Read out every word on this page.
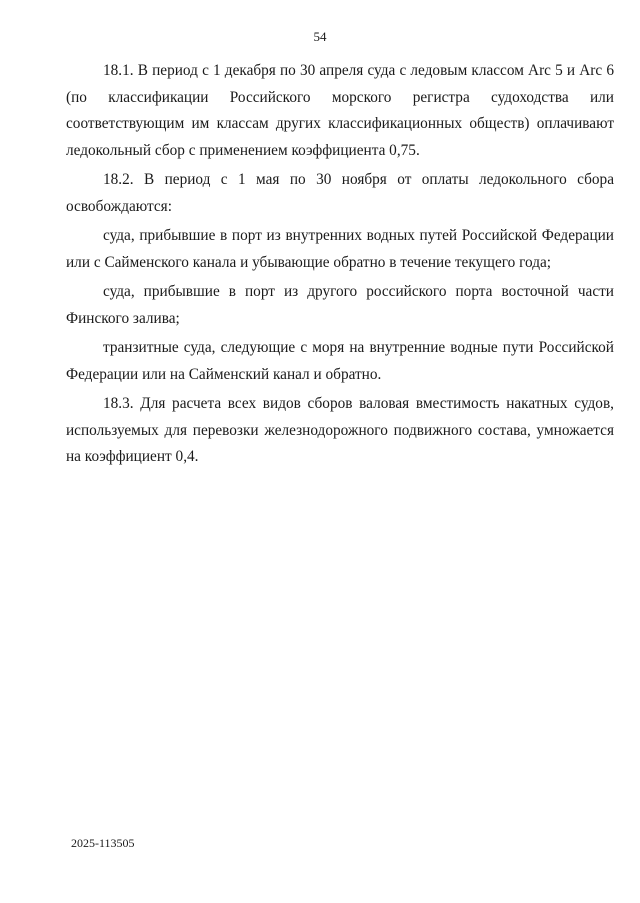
54

18.1. В период с 1 декабря по 30 апреля суда с ледовым классом Arc 5 и Arc 6 (по классификации Российского морского регистра судоходства или соответствующим им классам других классификационных обществ) оплачивают ледокольный сбор с применением коэффициента 0,75.

18.2. В период с 1 мая по 30 ноября от оплаты ледокольного сбора освобождаются:

суда, прибывшие в порт из внутренних водных путей Российской Федерации или с Сайменского канала и убывающие обратно в течение текущего года;

суда, прибывшие в порт из другого российского порта восточной части Финского залива;

транзитные суда, следующие с моря на внутренние водные пути Российской Федерации или на Сайменский канал и обратно.

18.3. Для расчета всех видов сборов валовая вместимость накатных судов, используемых для перевозки железнодорожного подвижного состава, умножается на коэффициент 0,4.

2025-113505
